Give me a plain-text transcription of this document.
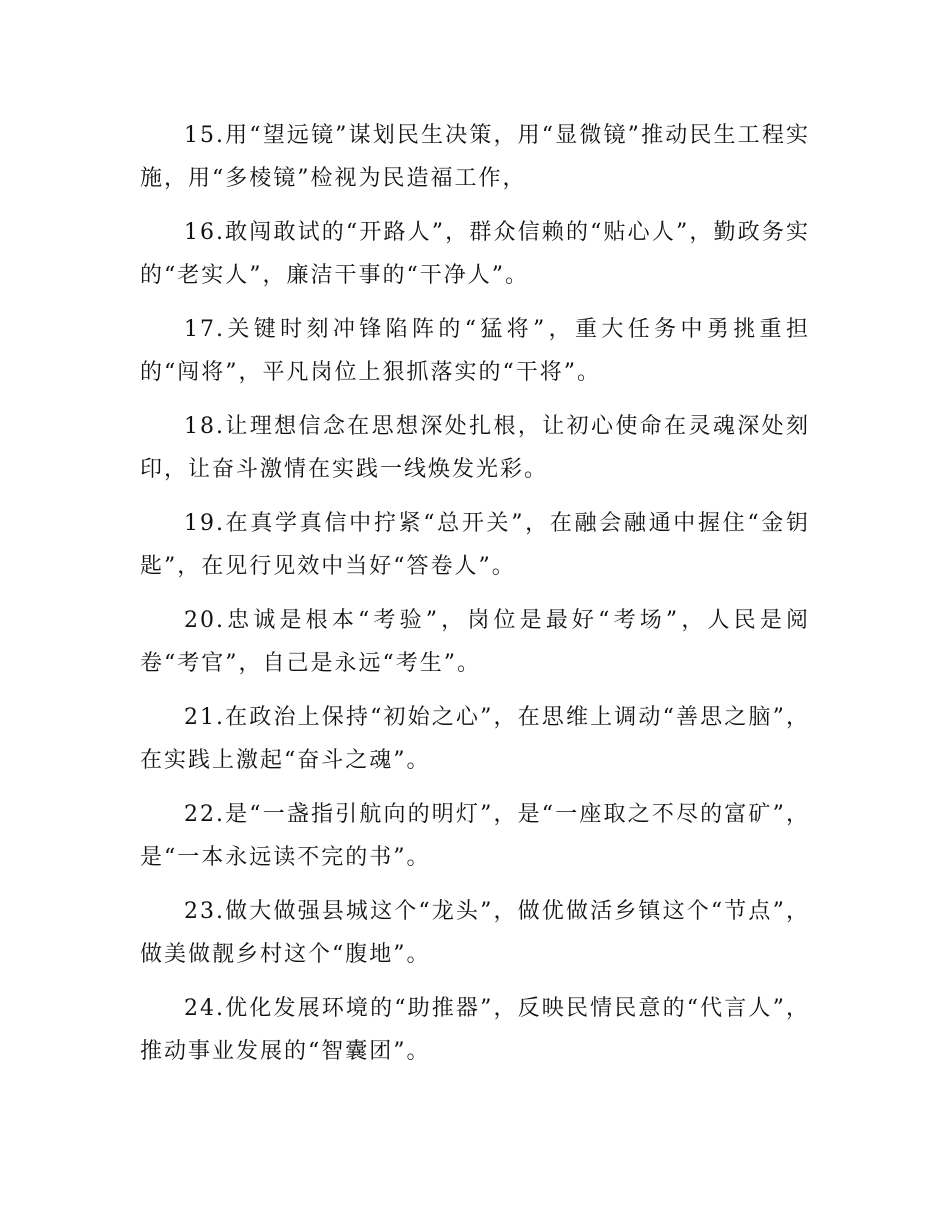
15.用“望远镜”谋划民生决策，用“显微镜”推动民生工程实施，用“多棱镜”检视为民造福工作，

16.敢闯敢试的“开路人”，群众信赖的“贴心人”，勤政务实的“老实人”，廉洁干事的“干净人”。

17.关键时刻冲锋陷阵的“猛将”，重大任务中勇挑重担的“闯将”，平凡岗位上狠抓落实的“干将”。

18.让理想信念在思想深处扎根，让初心使命在灵魂深处刻印，让奋斗激情在实践一线焕发光彩。

19.在真学真信中拧紧“总开关”，在融会融通中握住“金钥匙”，在见行见效中当好“答卷人”。

20.忠诚是根本“考验”，岗位是最好“考场”，人民是阅卷“考官”，自己是永远“考生”。

21.在政治上保持“初始之心”，在思维上调动“善思之脑”，在实践上激起“奋斗之魂”。

22.是“一盏指引航向的明灯”，是“一座取之不尽的富矿”，是“一本永远读不完的书”。

23.做大做强县城这个“龙头”，做优做活乡镇这个“节点”，做美做靓乡村这个“腹地”。

24.优化发展环境的“助推器”，反映民情民意的“代言人”，推动事业发展的“智囊团”。
